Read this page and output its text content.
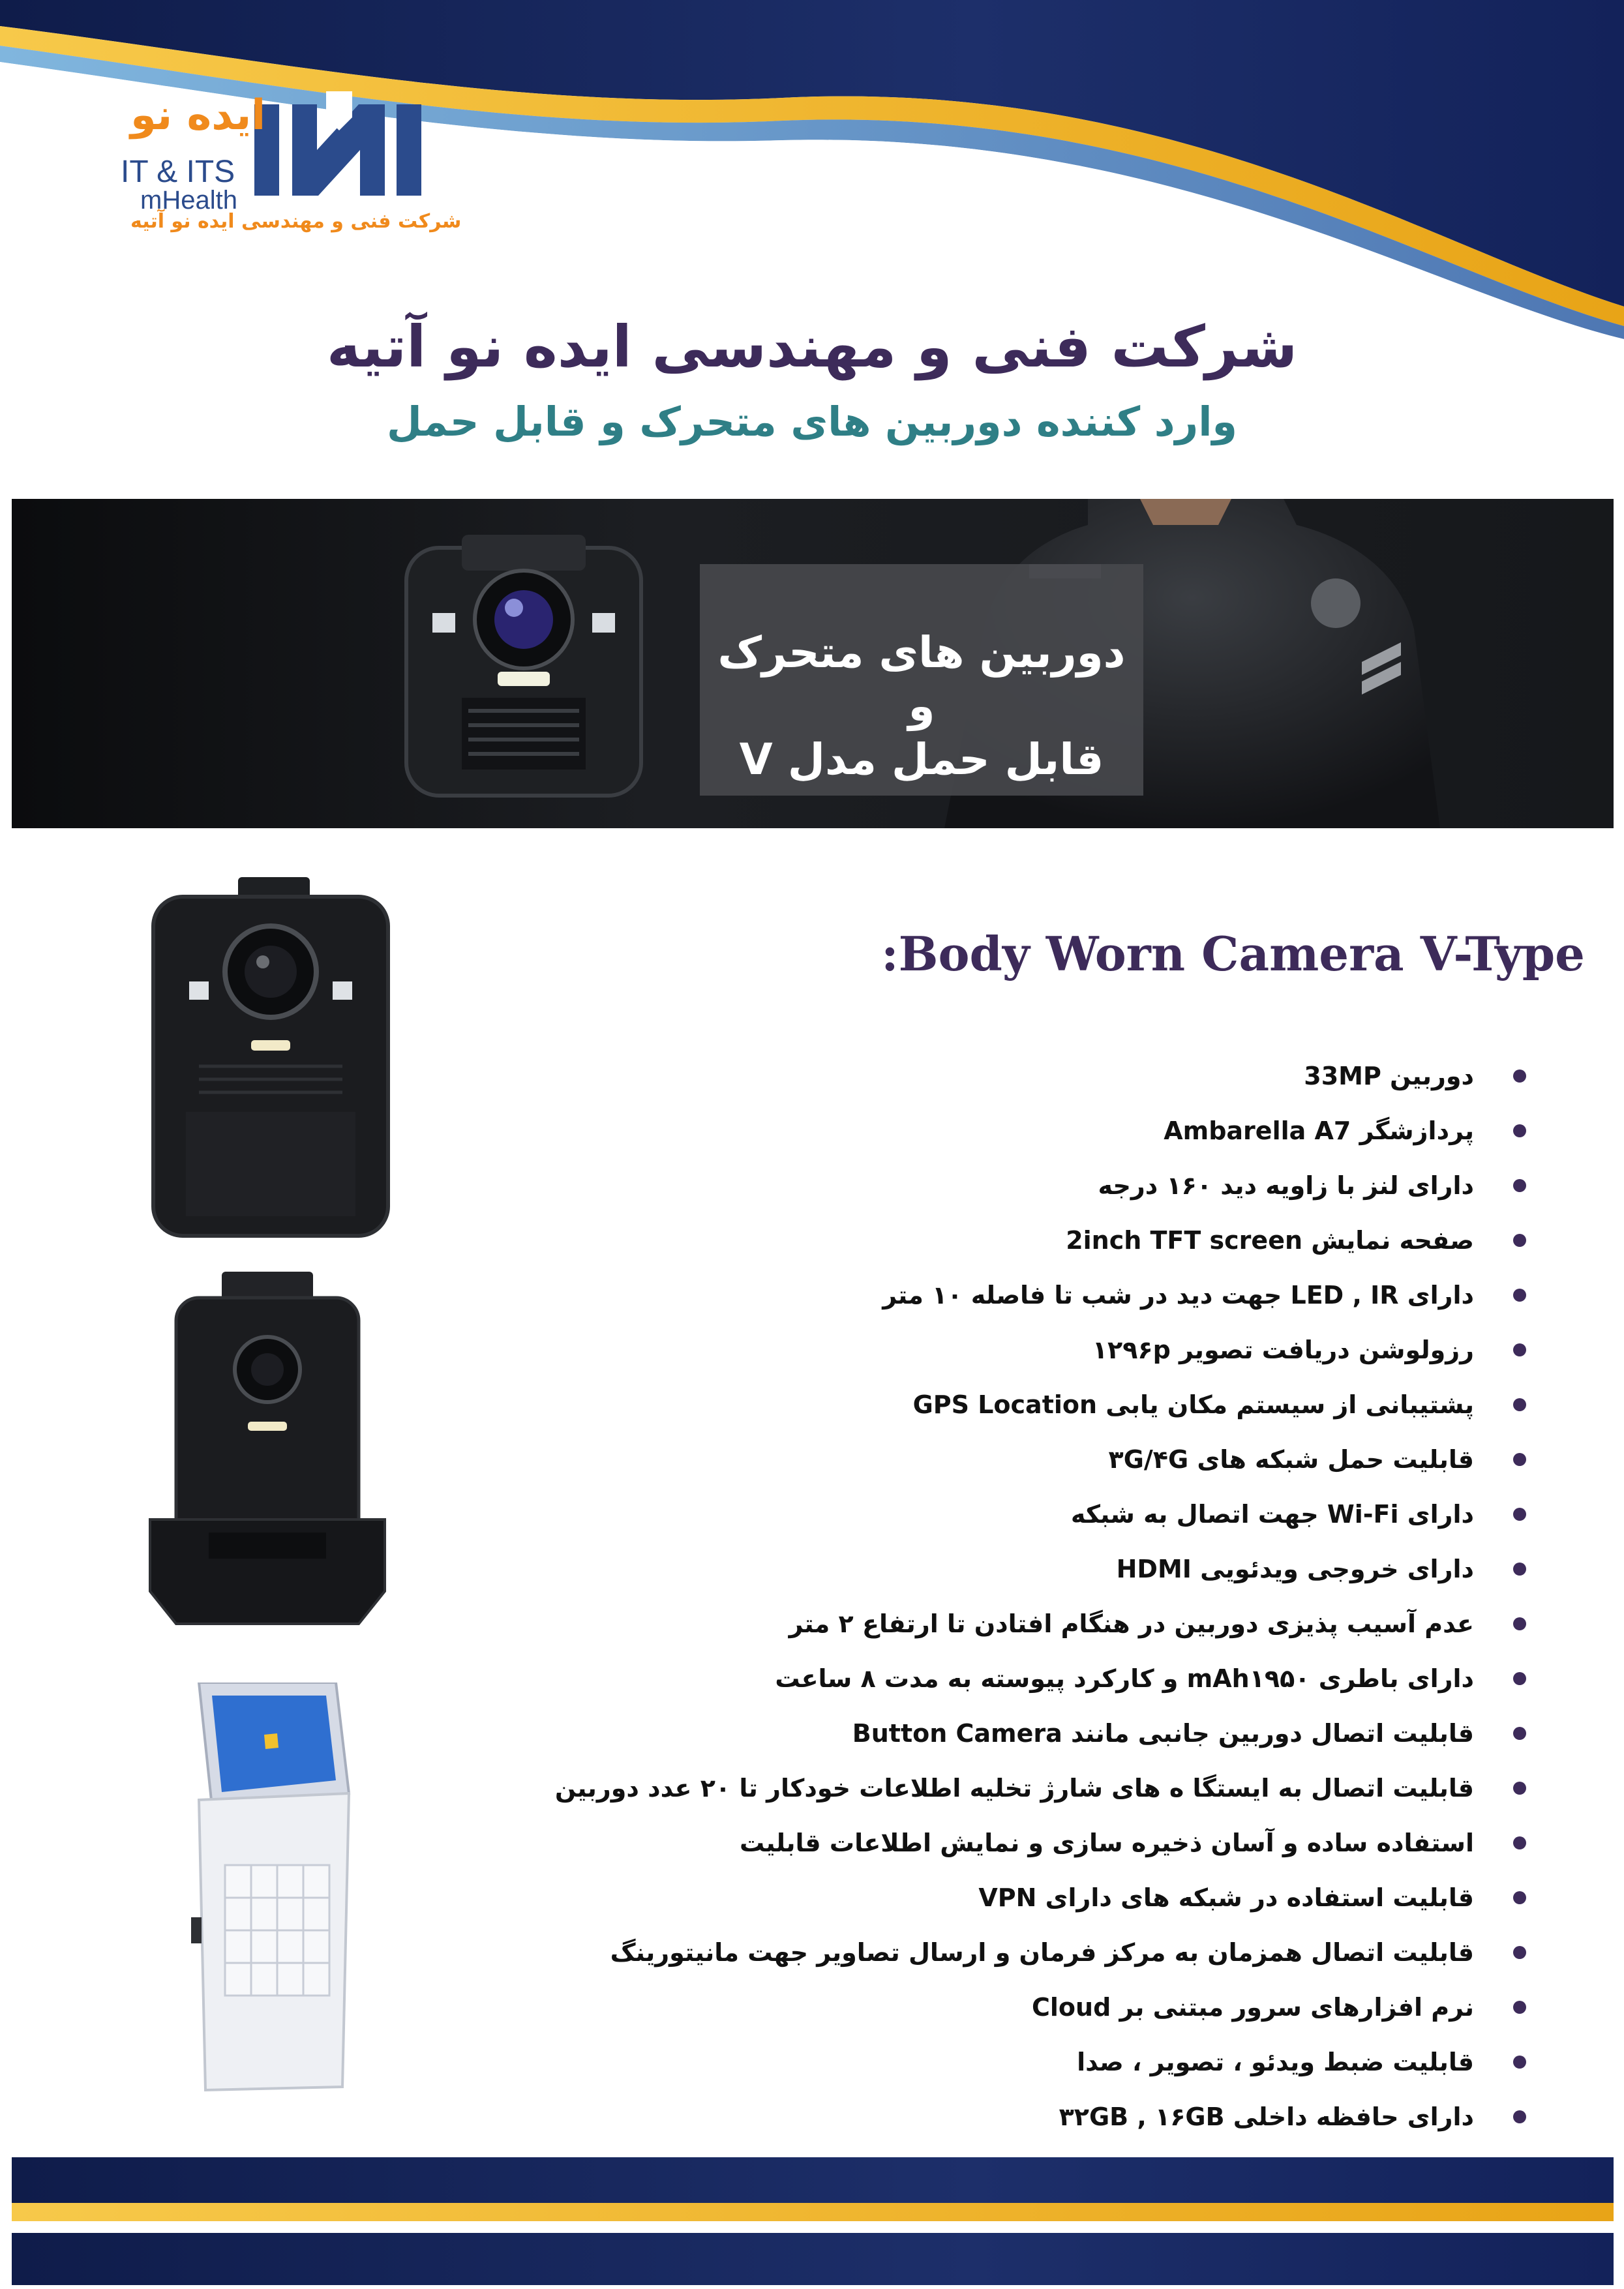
ایده نو
IT & ITS
mHealth
شرکت فنی و مهندسی ایده نو آتیه
شرکت فنی و مهندسی ایده نو آتیه
وارد کننده دوربین های متحرک و قابل حمل
دوربین های متحرک و
قابل حمل مدل V
:Body Worn Camera V-Type
دوربین 33MP
پردازشگر Ambarella A7
دارای لنز با زاویه دید ۱۶۰ درجه
صفحه نمایش 2inch TFT screen
دارای LED , IR جهت دید در شب تا فاصله ۱۰ متر
رزولوشن دریافت تصویر ۱۲۹۶p
پشتیبانی از سیستم مکان یابی GPS Location
قابلیت حمل شبکه های ۳G/۴G
دارای Wi-Fi جهت اتصال به شبکه
دارای خروجی ویدئویی HDMI
عدم آسیب پذیزی دوربین در هنگام افتادن تا ارتفاع ۲ متر
دارای باطری mAh۱۹۵۰ و کارکرد پیوسته به مدت ۸ ساعت
قابلیت اتصال دوربین جانبی مانند Button Camera
قابلیت اتصال به ایستگا ه های شارژ تخلیه اطلاعات خودکار تا ۲۰ عدد دوربین
استفاده ساده و آسان ذخیره سازی و نمایش اطلاعات قابلیت
قابلیت استفاده در شبکه های دارای VPN
قابلیت اتصال همزمان به مرکز فرمان و ارسال تصاویر جهت مانیتورینگ
نرم افزارهای سرور مبتنی بر Cloud
قابلیت ضبط ویدئو ، تصویر ، صدا
دارای حافظه داخلی ۳۲GB , ۱۶GB
